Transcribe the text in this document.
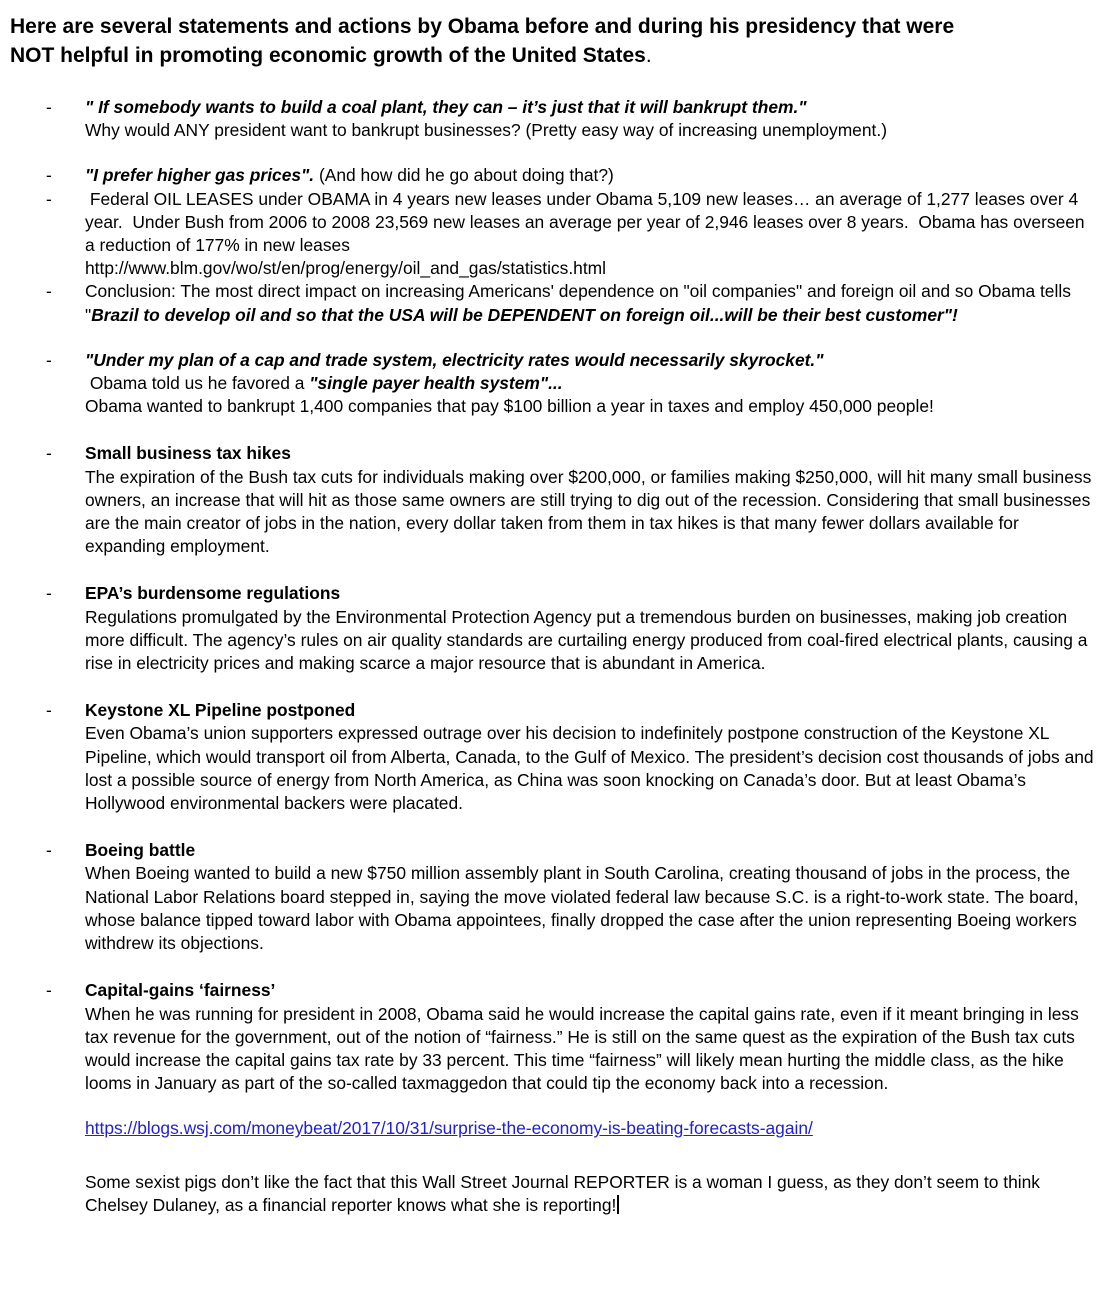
Here are several statements and actions by Obama before and during his presidency that were
NOT helpful in promoting economic growth of the United States.
- " If somebody wants to build a coal plant, they can – it’s just that it will bankrupt them."
Why would ANY president want to bankrupt businesses? (Pretty easy way of increasing unemployment.)
- "I prefer higher gas prices". (And how did he go about doing that?)
- Federal OIL LEASES under OBAMA in 4 years new leases under Obama 5,109 new leases… an average of 1,277 leases over 4 year.  Under Bush from 2006 to 2008 23,569 new leases an average per year of 2,946 leases over 8 years.  Obama has overseen a reduction of 177% in new leases
http://www.blm.gov/wo/st/en/prog/energy/oil_and_gas/statistics.html
- Conclusion: The most direct impact on increasing Americans' dependence on "oil companies" and foreign oil and so Obama tells "Brazil to develop oil and so that the USA will be DEPENDENT on foreign oil...will be their best customer"!
- "Under my plan of a cap and trade system, electricity rates would necessarily skyrocket."
Obama told us he favored a "single payer health system"...
Obama wanted to bankrupt 1,400 companies that pay $100 billion a year in taxes and employ 450,000 people!
- Small business tax hikes
The expiration of the Bush tax cuts for individuals making over $200,000, or families making $250,000, will hit many small business owners, an increase that will hit as those same owners are still trying to dig out of the recession. Considering that small businesses are the main creator of jobs in the nation, every dollar taken from them in tax hikes is that many fewer dollars available for expanding employment.
- EPA’s burdensome regulations
Regulations promulgated by the Environmental Protection Agency put a tremendous burden on businesses, making job creation more difficult. The agency’s rules on air quality standards are curtailing energy produced from coal-fired electrical plants, causing a rise in electricity prices and making scarce a major resource that is abundant in America.
- Keystone XL Pipeline postponed
Even Obama’s union supporters expressed outrage over his decision to indefinitely postpone construction of the Keystone XL Pipeline, which would transport oil from Alberta, Canada, to the Gulf of Mexico. The president’s decision cost thousands of jobs and lost a possible source of energy from North America, as China was soon knocking on Canada’s door. But at least Obama’s Hollywood environmental backers were placated.
- Boeing battle
When Boeing wanted to build a new $750 million assembly plant in South Carolina, creating thousand of jobs in the process, the National Labor Relations board stepped in, saying the move violated federal law because S.C. is a right-to-work state. The board, whose balance tipped toward labor with Obama appointees, finally dropped the case after the union representing Boeing workers withdrew its objections.
- Capital-gains ‘fairness’
When he was running for president in 2008, Obama said he would increase the capital gains rate, even if it meant bringing in less tax revenue for the government, out of the notion of “fairness.” He is still on the same quest as the expiration of the Bush tax cuts would increase the capital gains tax rate by 33 percent. This time “fairness” will likely mean hurting the middle class, as the hike looms in January as part of the so-called taxmaggedon that could tip the economy back into a recession.
https://blogs.wsj.com/moneybeat/2017/10/31/surprise-the-economy-is-beating-forecasts-again/
Some sexist pigs don’t like the fact that this Wall Street Journal REPORTER is a woman I guess, as they don’t seem to think Chelsey Dulaney, as a financial reporter knows what she is reporting!
